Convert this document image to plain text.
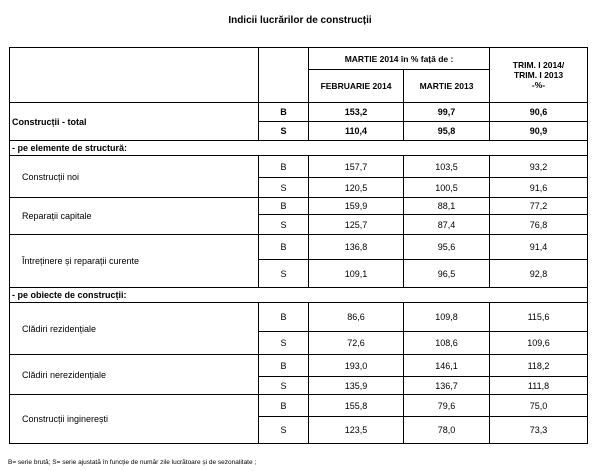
Indicii lucrărilor de construcții
		MARTIE 2014 în % față de :		TRIM. I 2014/
TRIM. I 2013
-%-

		FEBRUARIE 2014	MARTIE 2013	
Construcții - total	B	153,2	99,7	90,6
	S	110,4	95,8	90,9
- pe elemente de structură:				
Construcții noi	B	157,7	103,5	93,2
	S	120,5	100,5	91,6
Reparații capitale	B	159,9	88,1	77,2
	S	125,7	87,4	76,8
Întreținere și reparații curente	B	136,8	95,6	91,4
	S	109,1	96,5	92,8
- pe obiecte de construcții:				
Clădiri rezidențiale	B	86,6	109,8	115,6
	S	72,6	108,6	109,6
Clădiri nerezidențiale	B	193,0	146,1	118,2
	S	135,9	136,7	111,8
Construcții inginerești	B	155,8	79,6	75,0
	S	123,5	78,0	73,3
B= serie brută; S= serie ajustată în funcție de număr zile lucrătoare și de sezonalitate ;
